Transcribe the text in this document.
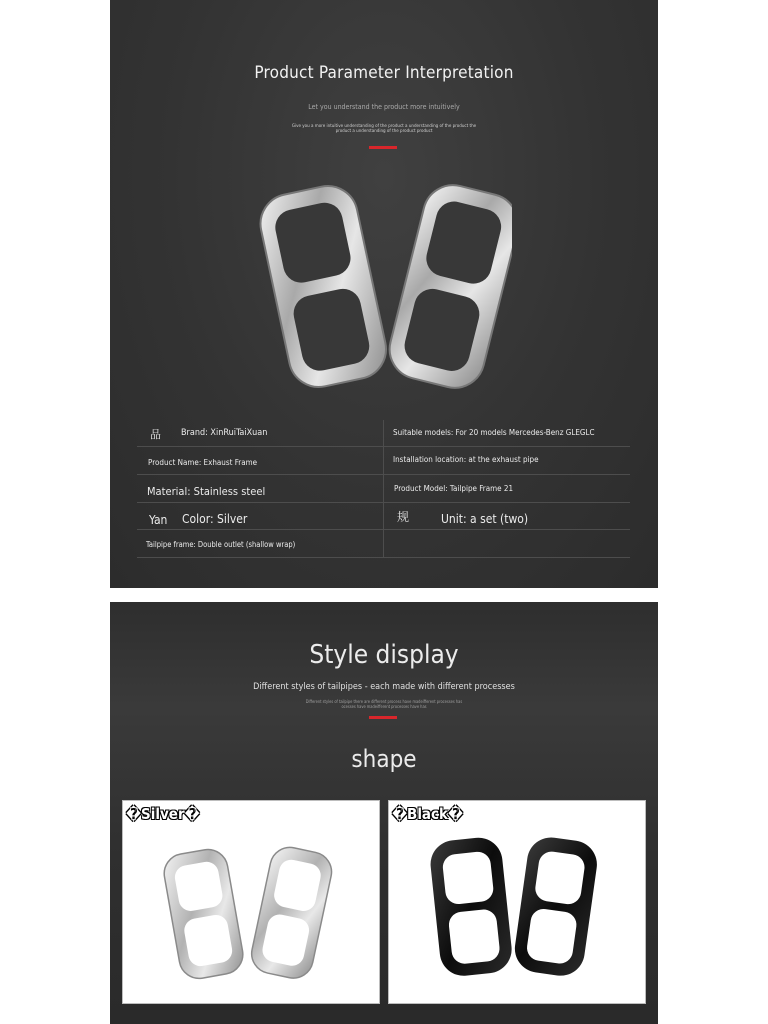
Product Parameter Interpretation
Let you understand the product more intuitively
Give you a more intuitive understanding of the product a understanding of the product the product a understanding of the product product
品 Brand: XinRuiTaiXuan	Suitable models: For 20 models Mercedes-Benz GLEGLC
Product Name: Exhaust Frame	Installation location: at the exhaust pipe
Material: Stainless steel	Product Model: Tailpipe Frame 21
Yan Color: Silver	规	Unit: a set (two)
Tailpipe frame: Double outlet (shallow wrap)
Style display
Different styles of tailpipes - each made with different processes
Different styles of tailpipe there are different process have madeifferent processes has ocesses have madeifferent processes have has
shape
�Silver�	�Black�
